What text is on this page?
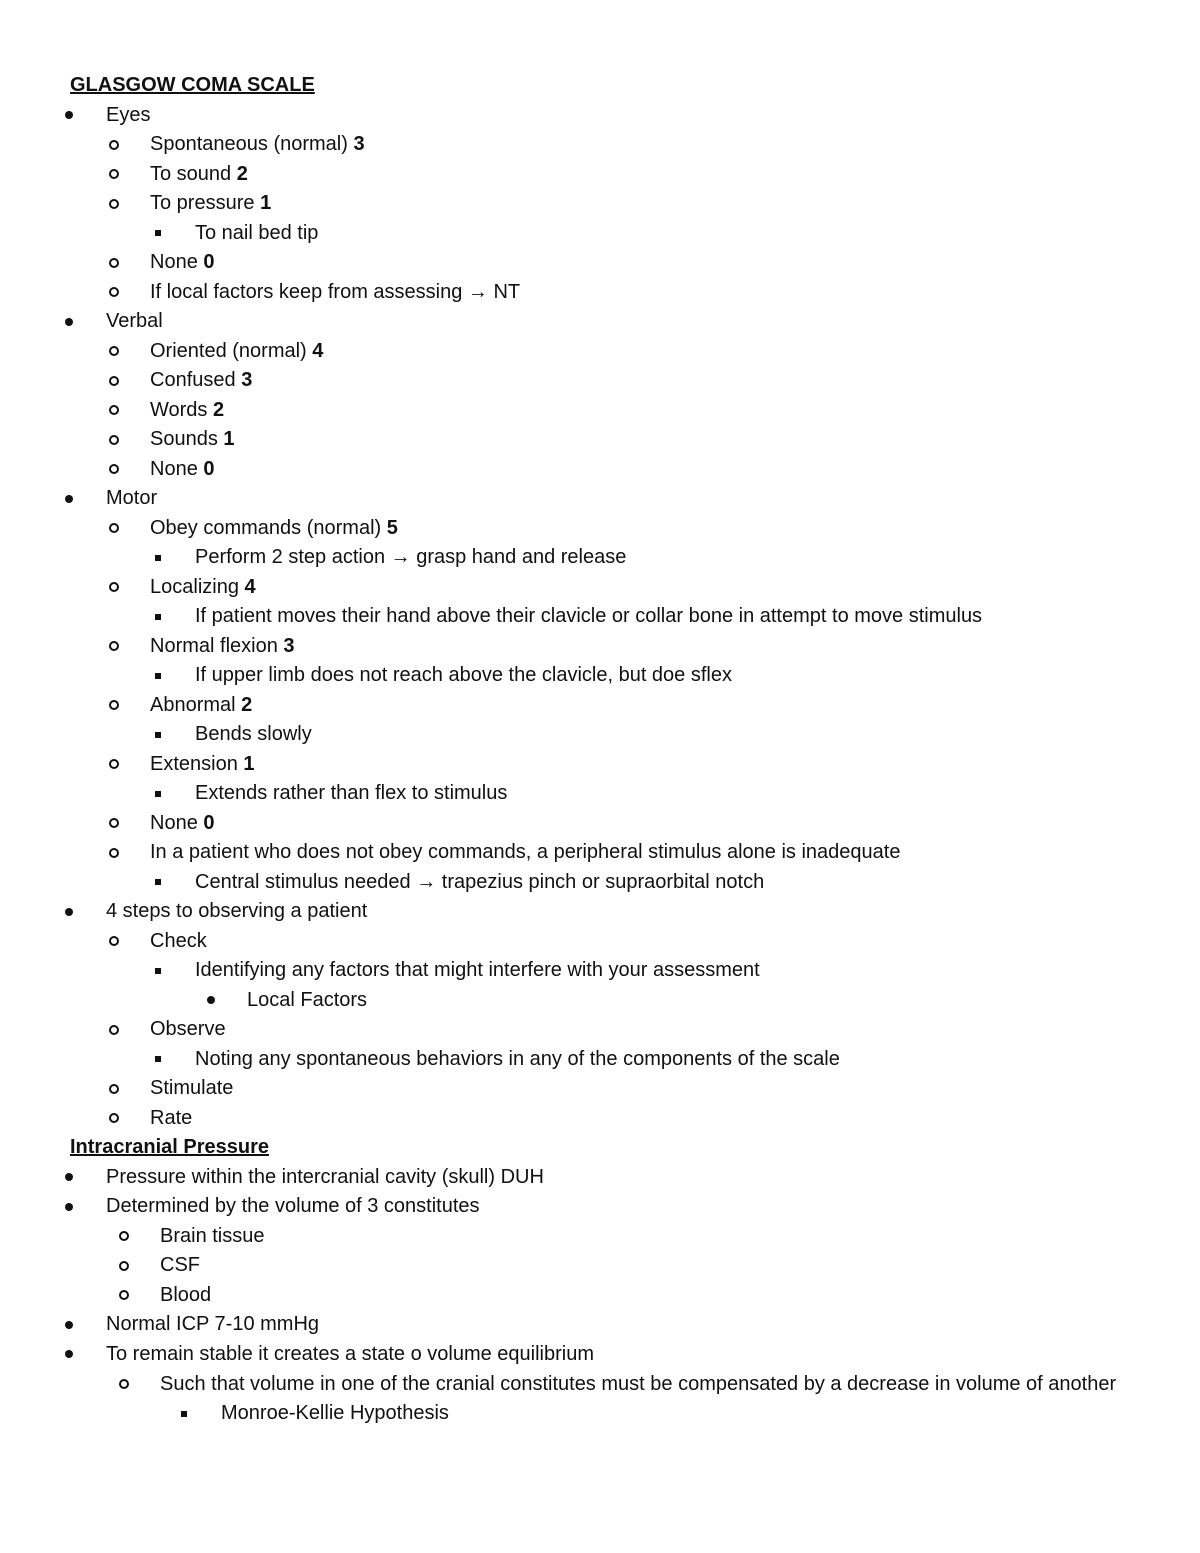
GLASGOW COMA SCALE
Eyes
Spontaneous (normal) 3
To sound 2
To pressure 1
To nail bed tip
None 0
If local factors keep from assessing → NT
Verbal
Oriented (normal) 4
Confused 3
Words 2
Sounds 1
None 0
Motor
Obey commands (normal) 5
Perform 2 step action → grasp hand and release
Localizing 4
If patient moves their hand above their clavicle or collar bone in attempt to move stimulus
Normal flexion 3
If upper limb does not reach above the clavicle, but doe sflex
Abnormal 2
Bends slowly
Extension 1
Extends rather than flex to stimulus
None 0
In a patient who does not obey commands, a peripheral stimulus alone is inadequate
Central stimulus needed → trapezius pinch or supraorbital notch
4 steps to observing a patient
Check
Identifying any factors that might interfere with your assessment
Local Factors
Observe
Noting any spontaneous behaviors in any of the components of the scale
Stimulate
Rate
Intracranial Pressure
Pressure within the intercranial cavity (skull) DUH
Determined by the volume of 3 constitutes
Brain tissue
CSF
Blood
Normal ICP 7-10 mmHg
To remain stable it creates a state o volume equilibrium
Such that volume in one of the cranial constitutes must be compensated by a decrease in volume of another
Monroe-Kellie Hypothesis
